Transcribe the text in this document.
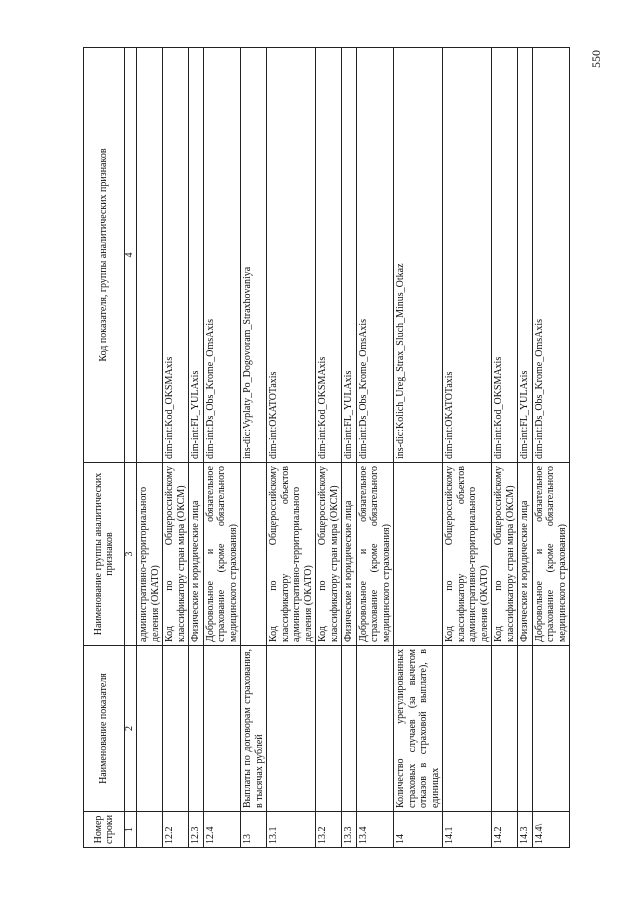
550
Номер строки	Наименование показателя	Наименование группы аналитических признаков	Код показателя, группы аналитических признаков
1	2	3	4
		административно-территориального деления (ОКАТО)	
12.2		Код по Общероссийскому классификатору стран мира (ОКСМ)	dim-int:Kod_OKSMAxis
12.3		Физические и юридические лица	dim-int:FL_YULAxis
12.4		Добровольное и обязательное страхование (кроме обязательного медицинского страхования)	dim-int:Ds_Obs_Krome_OmsAxis
13	Выплаты по договорам страхования, в тысячах рублей		ins-dic:Vyplaty_Po_Dogovoram_Straxhovaniya
13.1		Код по Общероссийскому классификатору объектов административно-территориального деления (ОКАТО)	dim-int:OKATOTaxis
13.2		Код по Общероссийскому классификатору стран мира (ОКСМ)	dim-int:Kod_OKSMAxis
13.3		Физические и юридические лица	dim-int:FL_YULAxis
13.4		Добровольное и обязательное страхование (кроме обязательного медицинского страхования)	dim-int:Ds_Obs_Krome_OmsAxis
14	Количество урегулированных страховых случаев (за вычетом отказов в страховой выплате), в единицах		ins-dic:Kolich_Ureg_Strax_Sluch_Minus_Otkaz
14.1		Код по Общероссийскому классификатору объектов административно-территориального деления (ОКАТО)	dim-int:OKATOTaxis
14.2		Код по Общероссийскому классификатору стран мира (ОКСМ)	dim-int:Kod_OKSMAxis
14.3		Физические и юридические лица	dim-int:FL_YULAxis
14.4\		Добровольное и обязательное страхование (кроме обязательного медицинского страхования)	dim-int:Ds_Obs_Krome_OmsAxis
